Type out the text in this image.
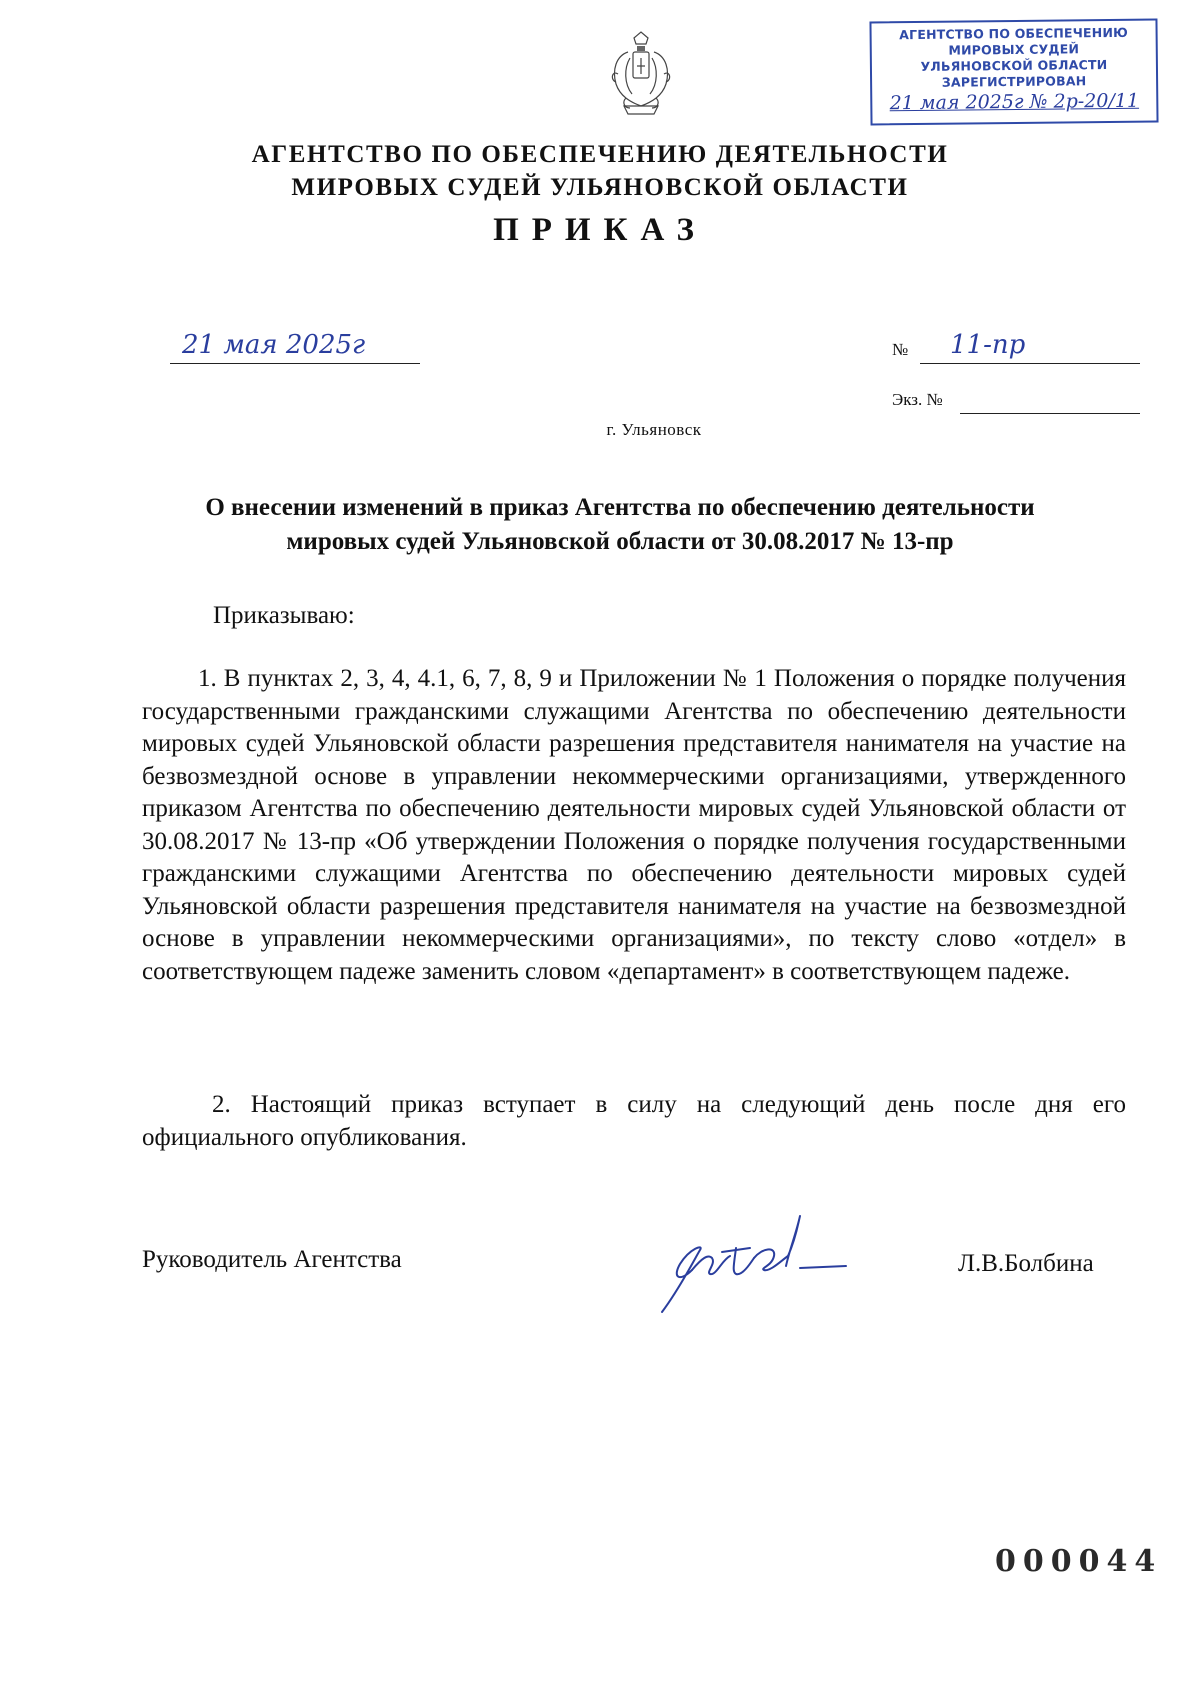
АГЕНТСТВО ПО ОБЕСПЕЧЕНИЮ
МИРОВЫХ СУДЕЙ
УЛЬЯНОВСКОЙ ОБЛАСТИ
ЗАРЕГИСТРИРОВАН
21 мая 2025г № 2р-20/11
АГЕНТСТВО ПО ОБЕСПЕЧЕНИЮ ДЕЯТЕЛЬНОСТИ
МИРОВЫХ СУДЕЙ УЛЬЯНОВСКОЙ ОБЛАСТИ
ПРИКАЗ
21 мая 2025г	№ 11-пр
Экз. №
г. Ульяновск
О внесении изменений в приказ Агентства по обеспечению деятельности
мировых судей Ульяновской области от 30.08.2017 № 13-пр
Приказываю:
1. В пунктах 2, 3, 4, 4.1, 6, 7, 8, 9 и Приложении № 1 Положения о порядке получения государственными гражданскими служащими Агентства по обеспечению деятельности мировых судей Ульяновской области разрешения представителя нанимателя на участие на безвозмездной основе в управлении некоммерческими организациями, утвержденного приказом Агентства по обеспечению деятельности мировых судей Ульяновской области от 30.08.2017 № 13-пр «Об утверждении Положения о порядке получения государственными гражданскими служащими Агентства по обеспечению деятельности мировых судей Ульяновской области разрешения представителя нанимателя на участие на безвозмездной основе в управлении некоммерческими организациями», по тексту слово «отдел» в соответствующем падеже заменить словом «департамент» в соответствующем падеже.
2. Настоящий приказ вступает в силу на следующий день после дня его официального опубликования.
Руководитель Агентства	Л.В.Болбина
000044
